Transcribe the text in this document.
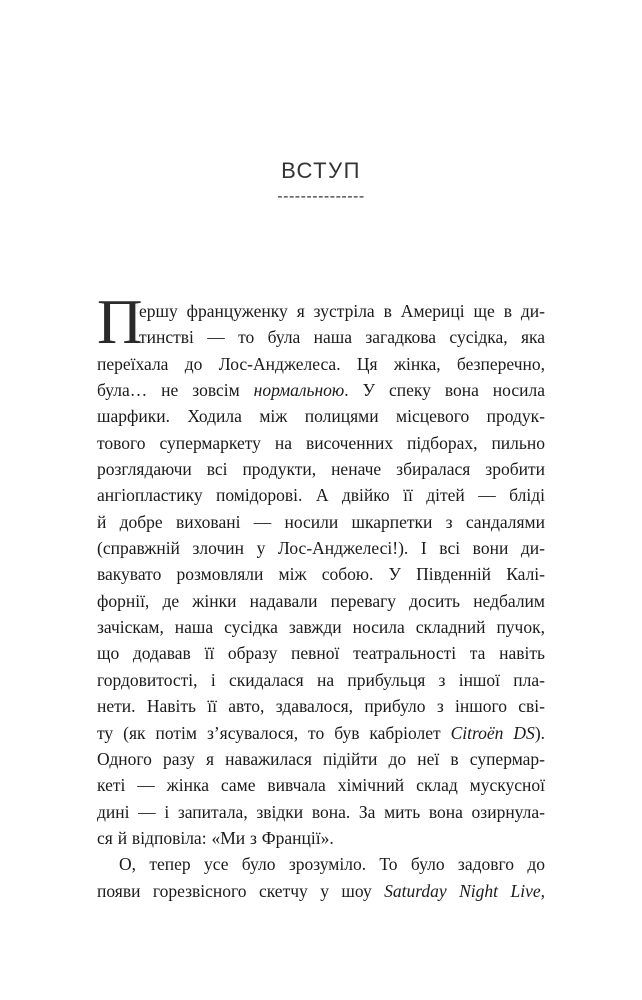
ВСТУП
---------------
П
ершу француженку я зустріла в Америці ще в ди-
тинстві — то була наша загадкова сусідка, яка
переїхала до Лос-Анджелеса. Ця жінка, безперечно,
була… не зовсім нормальною. У спеку вона носила
шарфики. Ходила між полицями місцевого продук-
тового супермаркету на височенних підборах, пильно
розглядаючи всі продукти, неначе збиралася зробити
ангіопластику помідорові. А двійко її дітей — бліді
й добре виховані — носили шкарпетки з сандалями
(справжній злочин у Лос-Анджелесі!). І всі вони ди-
вакувато розмовляли між собою. У Південній Калі-
форнії, де жінки надавали перевагу досить недбалим
зачіскам, наша сусідка завжди носила складний пучок,
що додавав її образу певної театральності та навіть
гордовитості, і скидалася на прибульця з іншої пла-
нети. Навіть її авто, здавалося, прибуло з іншого сві-
ту (як потім з’ясувалося, то був кабріолет Citroën DS).
Одного разу я наважилася підійти до неї в супермар-
кеті — жінка саме вивчала хімічний склад мускусної
дині — і запитала, звідки вона. За мить вона озирнула-
ся й відповіла: «Ми з Франції».
О, тепер усе було зрозуміло. То було задовго до
появи горезвісного скетчу у шоу Saturday Night Live,
